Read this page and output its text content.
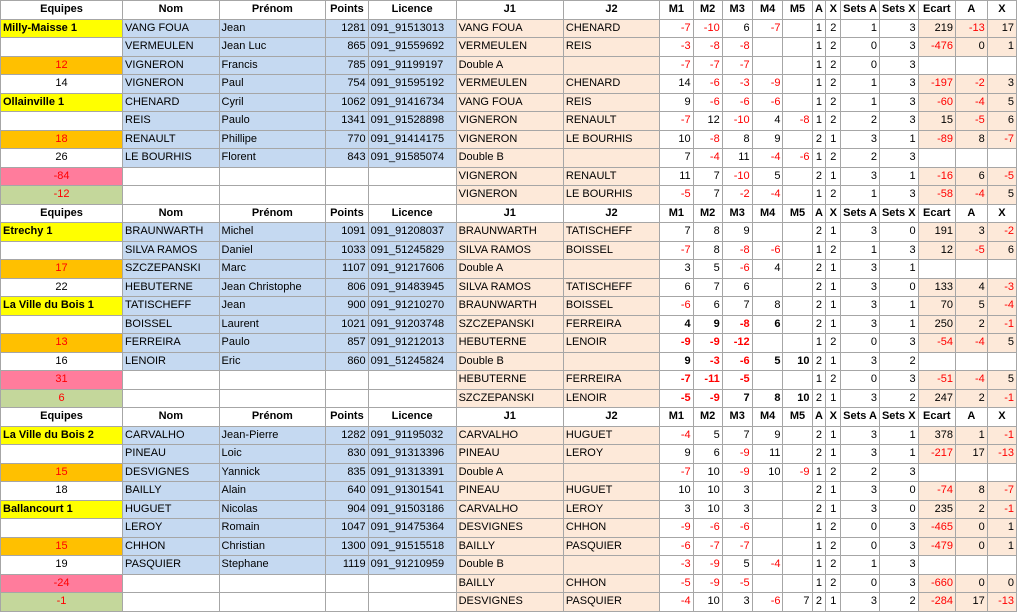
Equipes	Nom	Prénom	Points	Licence	J1	J2	M1	M2	M3	M4	M5	A	X	Sets A	Sets X	Ecart	A	X
Milly-Maisse 1	VANG FOUA	Jean	1281	091_91513013	VANG FOUA	CHENARD	-7	-10	6	-7		1	2	1	3	219	-13	17
	VERMEULEN	Jean Luc	865	091_91559692	VERMEULEN	REIS	-3	-8	-8			1	2	0	3	-476	0	1
12	VIGNERON	Francis	785	091_91199197	Double A		-7	-7	-7			1	2	0	3			
14	VIGNERON	Paul	754	091_91595192	VERMEULEN	CHENARD	14	-6	-3	-9		1	2	1	3	-197	-2	3
Ollainville 1	CHENARD	Cyril	1062	091_91416734	VANG FOUA	REIS	9	-6	-6	-6		1	2	1	3	-60	-4	5
	REIS	Paulo	1341	091_91528898	VIGNERON	RENAULT	-7	12	-10	4	-8	1	2	2	3	15	-5	6
18	RENAULT	Phillipe	770	091_91414175	VIGNERON	LE BOURHIS	10	-8	8	9		2	1	3	1	-89	8	-7
26	LE BOURHIS	Florent	843	091_91585074	Double B		7	-4	11	-4	-6	1	2	2	3			
-84					VIGNERON	RENAULT	11	7	-10	5		2	1	3	1	-16	6	-5
-12					VIGNERON	LE BOURHIS	-5	7	-2	-4		1	2	1	3	-58	-4	5
Equipes	Nom	Prénom	Points	Licence	J1	J2	M1	M2	M3	M4	M5	A	X	Sets A	Sets X	Ecart	A	X
Etrechy 1	BRAUNWARTH	Michel	1091	091_91208037	BRAUNWARTH	TATISCHEFF	7	8	9			2	1	3	0	191	3	-2
	SILVA RAMOS	Daniel	1033	091_51245829	SILVA RAMOS	BOISSEL	-7	8	-8	-6		1	2	1	3	12	-5	6
17	SZCZEPANSKI	Marc	1107	091_91217606	Double A		3	5	-6	4		2	1	3	1			
22	HEBUTERNE	Jean Christophe	806	091_91483945	SILVA RAMOS	TATISCHEFF	6	7	6			2	1	3	0	133	4	-3
La Ville du Bois 1	TATISCHEFF	Jean	900	091_91210270	BRAUNWARTH	BOISSEL	-6	6	7	8		2	1	3	1	70	5	-4
	BOISSEL	Laurent	1021	091_91203748	SZCZEPANSKI	FERREIRA	4	9	-8	6		2	1	3	1	250	2	-1
13	FERREIRA	Paulo	857	091_91212013	HEBUTERNE	LENOIR	-9	-9	-12			1	2	0	3	-54	-4	5
16	LENOIR	Eric	860	091_51245824	Double B		9	-3	-6	5	10	2	1	3	2			
31					HEBUTERNE	FERREIRA	-7	-11	-5			1	2	0	3	-51	-4	5
6					SZCZEPANSKI	LENOIR	-5	-9	7	8	10	2	1	3	2	247	2	-1
Equipes	Nom	Prénom	Points	Licence	J1	J2	M1	M2	M3	M4	M5	A	X	Sets A	Sets X	Ecart	A	X
La Ville du Bois 2	CARVALHO	Jean-Pierre	1282	091_91195032	CARVALHO	HUGUET	-4	5	7	9		2	1	3	1	378	1	-1
	PINEAU	Loic	830	091_91313396	PINEAU	LEROY	9	6	-9	11		2	1	3	1	-217	17	-13
15	DESVIGNES	Yannick	835	091_91313391	Double A		-7	10	-9	10	-9	1	2	2	3			
18	BAILLY	Alain	640	091_91301541	PINEAU	HUGUET	10	10	3			2	1	3	0	-74	8	-7
Ballancourt 1	HUGUET	Nicolas	904	091_91503186	CARVALHO	LEROY	3	10	3			2	1	3	0	235	2	-1
	LEROY	Romain	1047	091_91475364	DESVIGNES	CHHON	-9	-6	-6			1	2	0	3	-465	0	1
15	CHHON	Christian	1300	091_91515518	BAILLY	PASQUIER	-6	-7	-7			1	2	0	3	-479	0	1
19	PASQUIER	Stephane	1119	091_91210959	Double B		-3	-9	5	-4		1	2	1	3			
-24					BAILLY	CHHON	-5	-9	-5			1	2	0	3	-660	0	0
-1					DESVIGNES	PASQUIER	-4	10	3	-6	7	2	1	3	2	-284	17	-13
